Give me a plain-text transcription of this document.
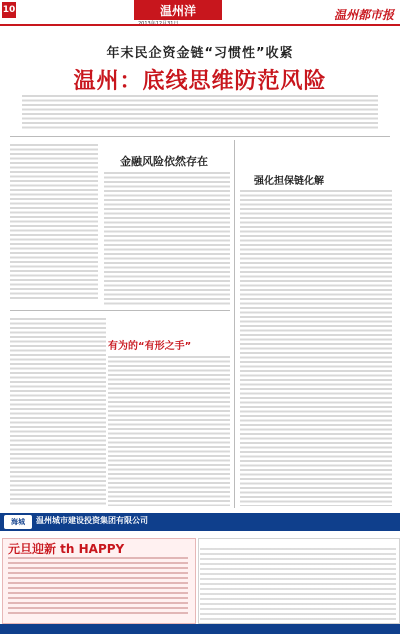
10	温州洋	温州都市报
年末民企资金链“习惯性”收紧
温州：底线思维防范风险
金融风险依然存在
有为的“有形之手”
强化担保链化解
海城	温州城市建设投资集团有限公司
元旦迎新 th HAPPY
